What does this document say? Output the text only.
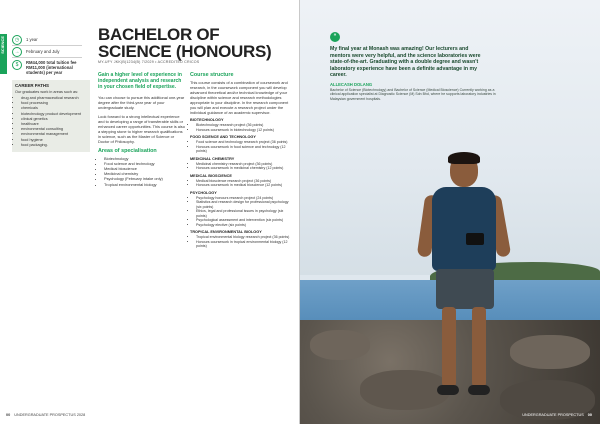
SCIENCE	◷	1 year
→	February and July
$	RM44,000 total tuition fee
RM11,000 (international students) per year
CAREER PATHS

Our graduates work in areas such as:

• drug and pharmaceutical research
• food processing
• chemicals
• biotechnology product development
• clinical genetics
• healthcare
• environmental consulting
• environmental management
• food hygiene
• food packaging.
BACHELOR OF SCIENCE (HONOURS)
MY-UFY JKK(B)1234(B) 7/2029 • ACCREDITED CRICOS

Gain a higher level of experience in independent analysis and research in your chosen field of expertise.

You can choose to pursue this additional one-year degree after the third-year year of your undergraduate study.

Look forward to a strong intellectual experience and to developing a range of transferable skills or enhanced career opportunities. This course is also a stepping stone to higher research qualifications in science, such as the Master of Science or Doctor of Philosophy.

Areas of specialisation
• Biotechnology
• Food science and technology
• Medical bioscience
• Medicinal chemistry
• Psychology (February intake only)
• Tropical environmental biology
Course structure

This course consists of a combination of coursework and research, in the coursework component you will develop advanced theoretical and/or technical knowledge of your discipline within science and research methodologies appropriate to your discipline. In the research component you will plan and execute a research project under the individual guidance of an academic supervisor.

BIOTECHNOLOGY
• Biotechnology research project (36 points)
• Honours coursework in biotechnology (12 points)
FOOD SCIENCE AND TECHNOLOGY
• Food science and technology research project (36 points)
• Honours coursework in food science and technology (12 points)
MEDICINAL CHEMISTRY
• Medicinal chemistry research project (36 points)
• Honours coursework in medicinal chemistry (12 points)
MEDICAL BIOSCIENCE
• Medical bioscience research project (36 points)
• Honours coursework in medical bioscience (12 points)
PSYCHOLOGY
• Psychology honours research project (24 points)
• Statistics and research design for professional psychology (six points)
• Ethics, legal and professional issues in psychology (six points)
• Psychological assessment and intervention (six points)
• Psychology elective (six points)
TROPICAL ENVIRONMENTAL BIOLOGY
• Tropical environmental biology research project (36 points)
• Honours coursework in tropical environmental biology (12 points)
00 UNDERGRADUATE PROSPECTUS 2028
“

My final year at Monash was amazing! Our lecturers and mentors were very helpful, and the science laboratories were state-of-the-art. Graduating with a double degree and wasn't laboratory experience have been a definite advantage in my career.

ALLECASH DOLANG

Bachelor of Science (Biotechnology) and Bachelor of Science (Medical Bioscience) Currently working as a clinical application specialist at Diagnostic Science (M) Sdn Bhd, where he supports laboratory industries in Malaysian government hospitals.

UNDERGRADUATE PROSPECTUS 00
